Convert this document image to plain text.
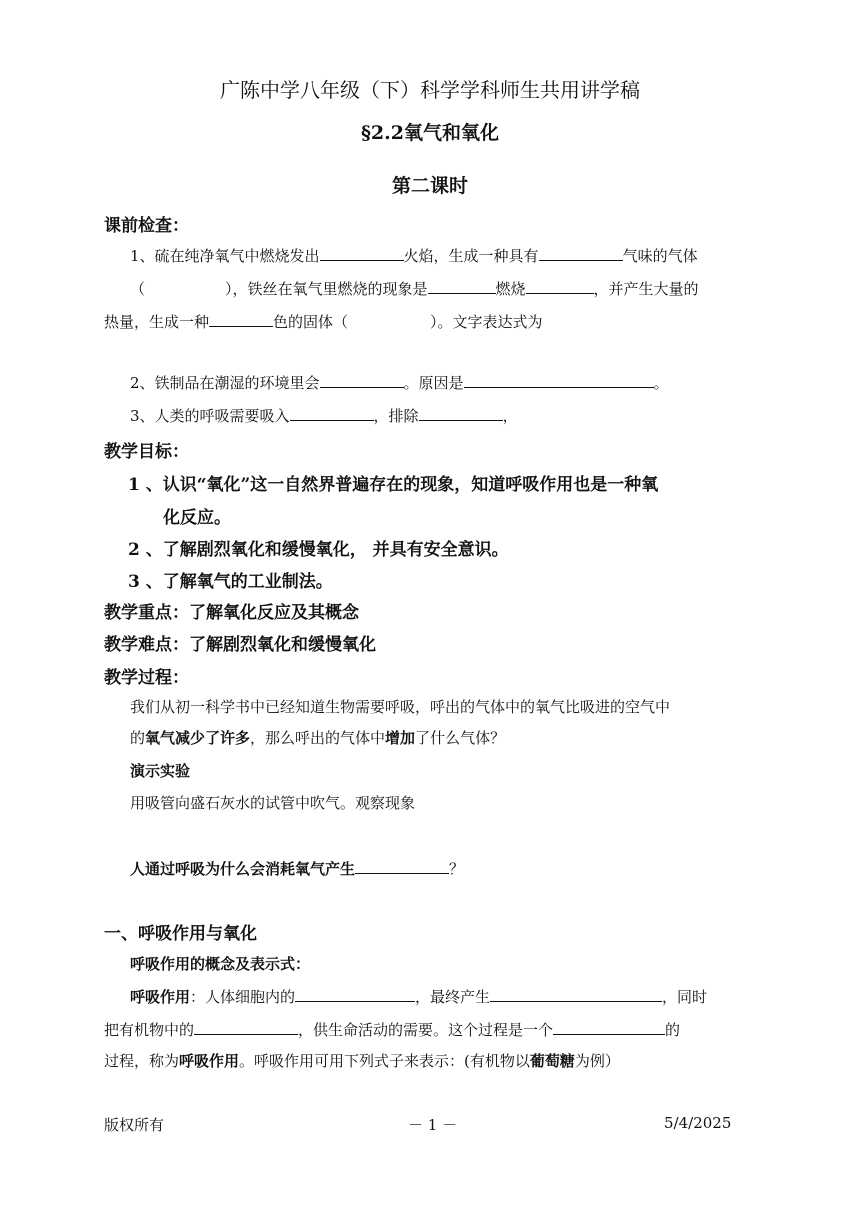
广陈中学八年级（下）科学学科师生共用讲学稿
§2.2氧气和氧化
第二课时
课前检查：
1、硫在纯净氧气中燃烧发出	火焰，生成一种具有	气味的气体
（	），铁丝在氧气里燃烧的现象是	燃烧	，并产生大量的
热量，生成一种	色的固体（	）。文字表达式为
2、铁制品在潮湿的环境里会	。原因是	。
3、人类的呼吸需要吸入	，排除	，
教学目标：
1 、认识“氧化”这一自然界普遍存在的现象，知道呼吸作用也是一种氧
化反应。
2 、了解剧烈氧化和缓慢氧化， 并具有安全意识。
3 、了解氧气的工业制法。
教学重点：了解氧化反应及其概念
教学难点：了解剧烈氧化和缓慢氧化
教学过程：
我们从初一科学书中已经知道生物需要呼吸，呼出的气体中的氧气比吸进的空气中
的氧气减少了许多，那么呼出的气体中增加了什么气体？
演示实验
用吸管向盛石灰水的试管中吹气。观察现象
人通过呼吸为什么会消耗氧气产生	？
一、呼吸作用与氧化
呼吸作用的概念及表示式：
呼吸作用：人体细胞内的	，最终产生	，同时
把有机物中的	，供生命活动的需要。这个过程是一个	的
过程，称为呼吸作用。呼吸作用可用下列式子来表示：(有机物以葡萄糖为例）
版权所有	－ 1 －	5/4/2025
